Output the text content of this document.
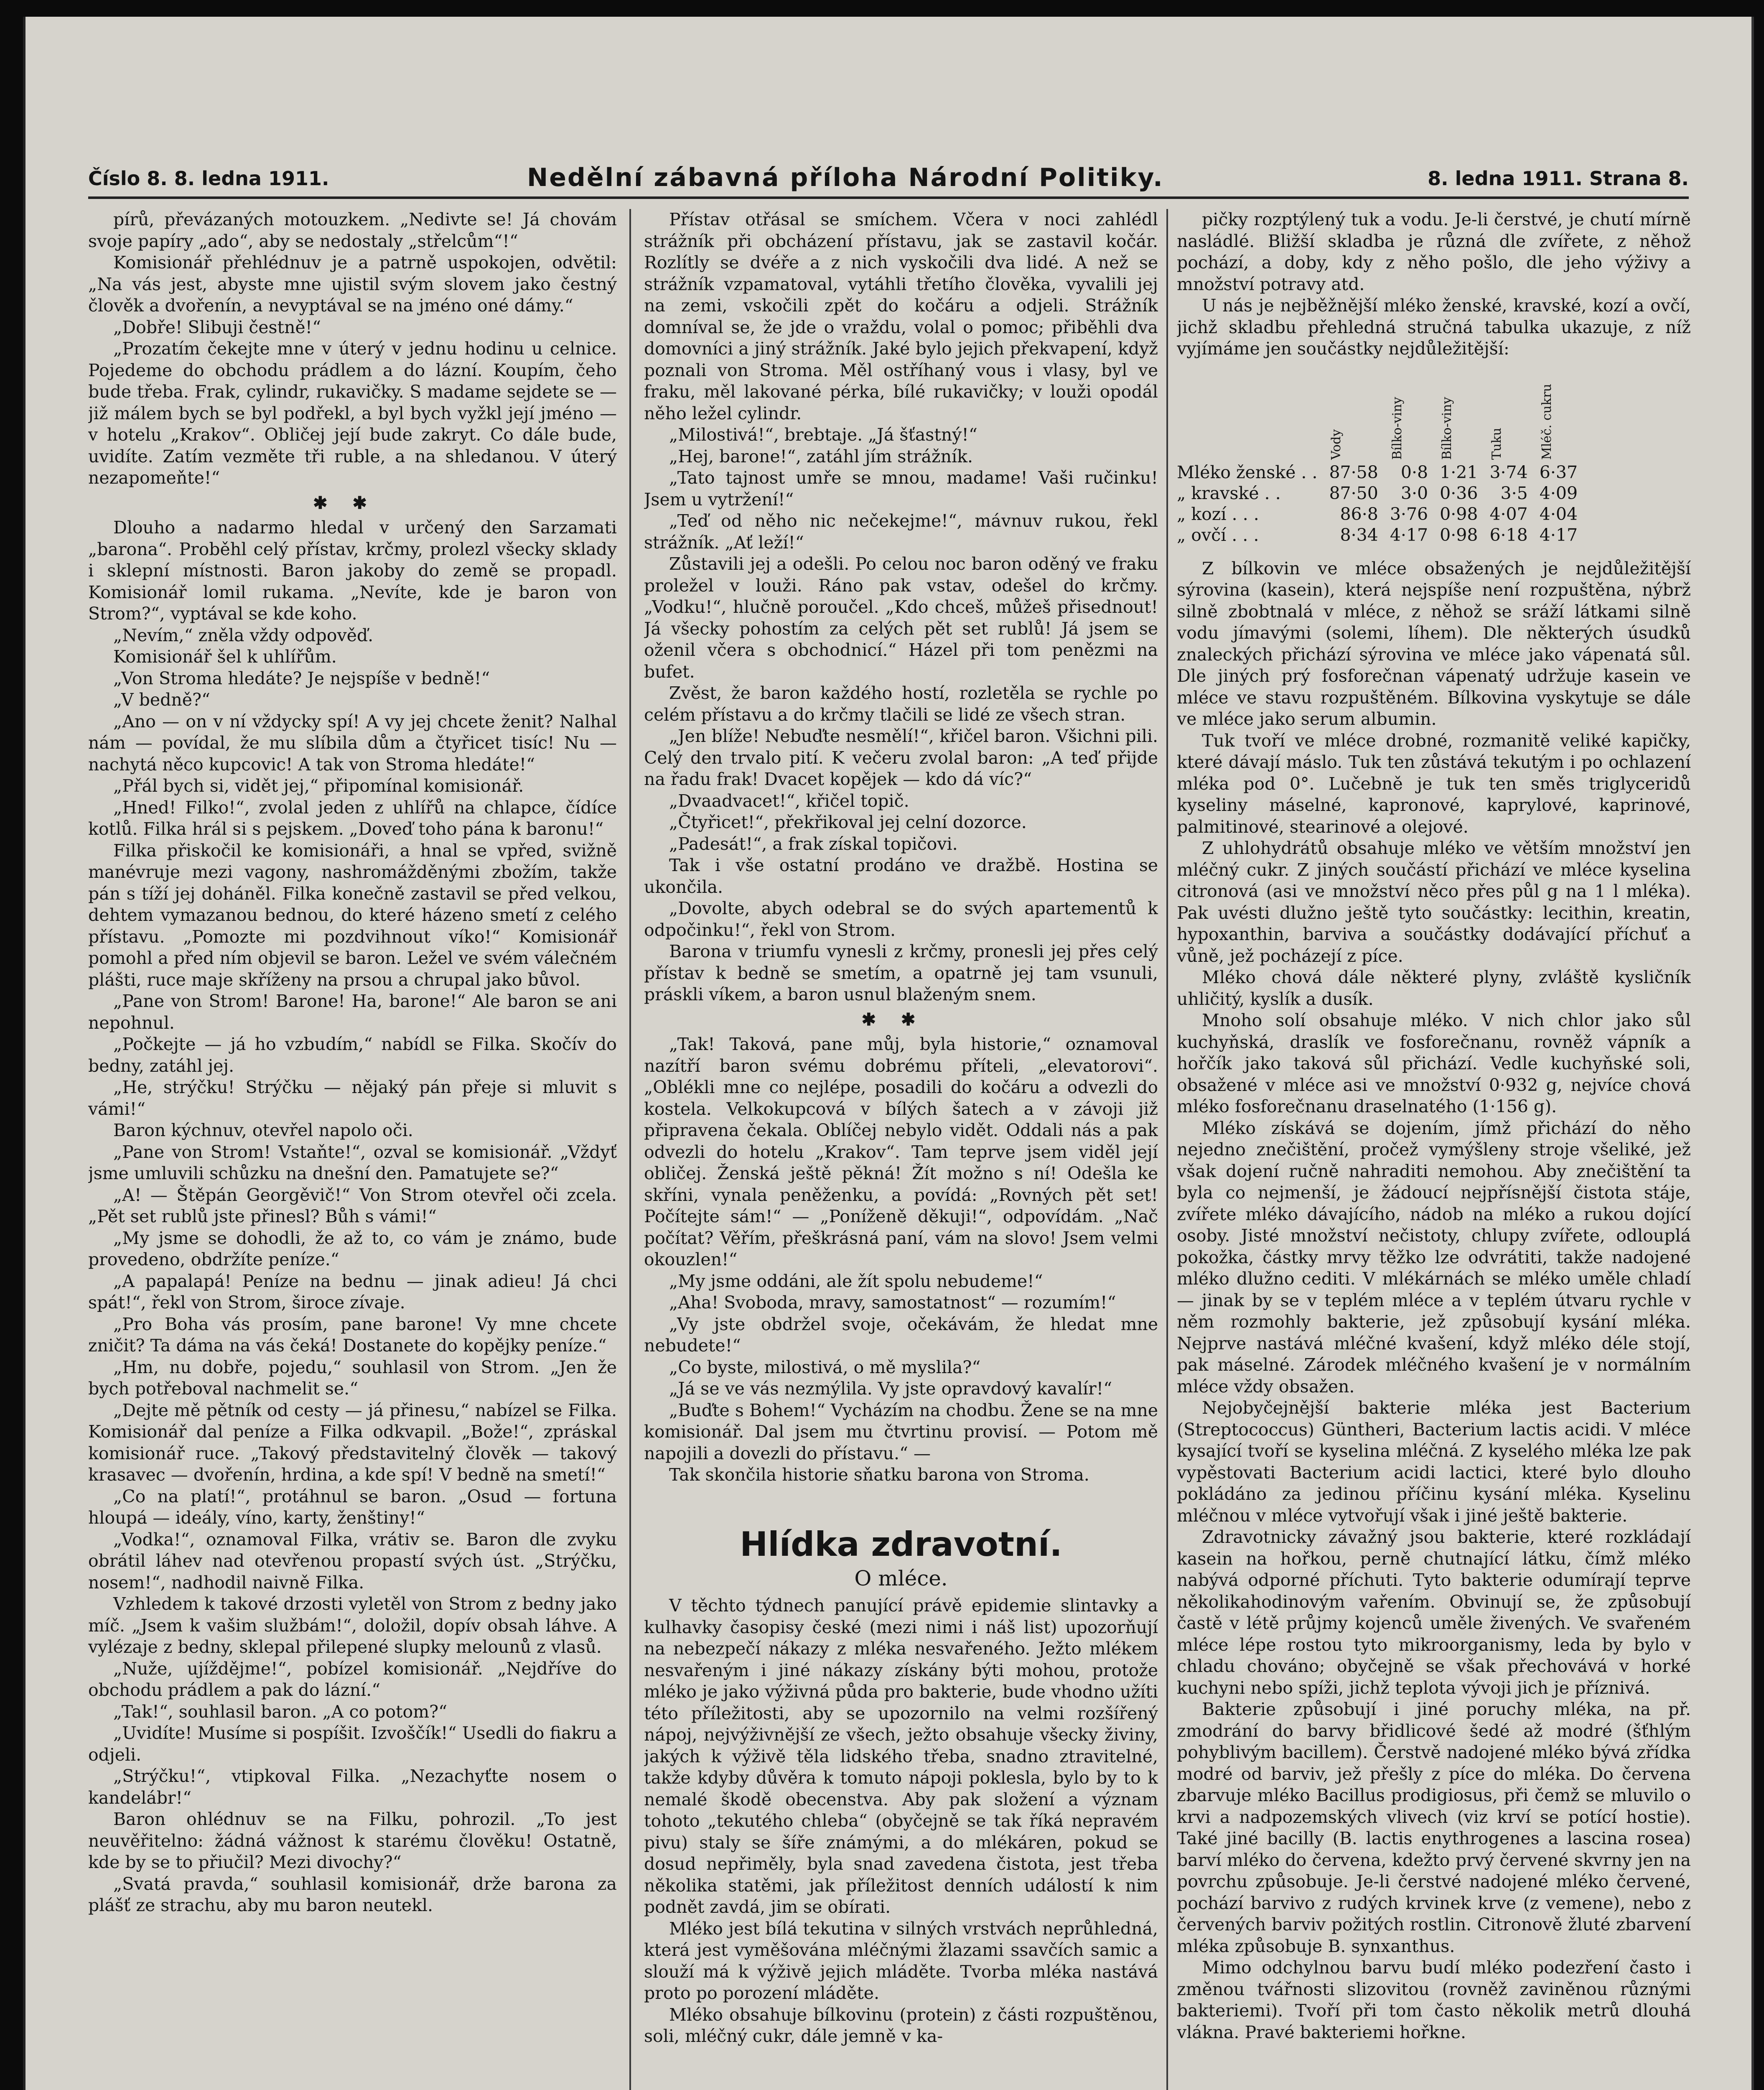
Číslo 8. 8. ledna 1911.	Nedělní zábavná příloha Národní Politiky.	8. ledna 1911. Strana 8.

pírů, převázaných motouzkem. „Nedivte se! Já chovám svoje papíry „ado“, aby se nedostaly „střelcům“!“

Komisionář přehlédnuv je a patrně uspokojen, odvětil: „Na vás jest, abyste mne ujistil svým slovem jako čestný člověk a dvořenín, a nevyptával se na jméno oné dámy.“

„Dobře! Slibuji čestně!“

„Prozatím čekejte mne v úterý v jednu hodinu u celnice. Pojedeme do obchodu prádlem a do lázní. Koupím, čeho bude třeba. Frak, cylindr, rukavičky. S madame sejdete se — již málem bych se byl podřekl, a byl bych vyžkl její jméno — v hotelu „Krakov“. Obličej její bude zakryt. Co dále bude, uvidíte. Zatím vezměte tři ruble, a na shledanou. V úterý nezapomeňte!“

✱✱

Dlouho a nadarmo hledal v určený den Sarzamati „barona“. Proběhl celý přístav, krčmy, prolezl všecky sklady i sklepní místnosti. Baron jakoby do země se propadl. Komisionář lomil rukama. „Nevíte, kde je baron von Strom?“, vyptával se kde koho.

„Nevím,“ zněla vždy odpověď.

Komisionář šel k uhlířům.

„Von Stroma hledáte? Je nejspíše v bedně!“

„V bedně?“

„Ano — on v ní vždycky spí! A vy jej chcete ženit? Nalhal nám — povídal, že mu slíbila dům a čtyřicet tisíc! Nu — nachytá něco kupcovic! A tak von Stroma hledáte!“

„Přál bych si, vidět jej,“ připomínal komisionář.

„Hned! Filko!“, zvolal jeden z uhlířů na chlapce, čídíce kotlů. Filka hrál si s pejskem. „Doveď toho pána k baronu!“

Filka přiskočil ke komisionáři, a hnal se vpřed, svižně manévruje mezi vagony, nashromážděnými zbožím, takže pán s tíží jej doháněl. Filka konečně zastavil se před velkou, dehtem vymazanou bednou, do které házeno smetí z celého přístavu. „Pomozte mi pozdvihnout víko!“ Komisionář pomohl a před ním objevil se baron. Ležel ve svém válečném plášti, ruce maje skříženy na prsou a chrupal jako bůvol.

„Pane von Strom! Barone! Ha, barone!“ Ale baron se ani nepohnul.

„Počkejte — já ho vzbudím,“ nabídl se Filka. Skočív do bedny, zatáhl jej.

„He, strýčku! Strýčku — nějaký pán přeje si mluvit s vámi!“

Baron kýchnuv, otevřel napolo oči.

„Pane von Strom! Vstaňte!“, ozval se komisionář. „Vždyť jsme umluvili schůzku na dnešní den. Pamatujete se?“

„A! — Štěpán Georgěvič!“ Von Strom otevřel oči zcela. „Pět set rublů jste přinesl? Bůh s vámi!“

„My jsme se dohodli, že až to, co vám je známo, bude provedeno, obdržíte peníze.“

„A papalapá! Peníze na bednu — jinak adieu! Já chci spát!“, řekl von Strom, široce zívaje.

„Pro Boha vás prosím, pane barone! Vy mne chcete zničit? Ta dáma na vás čeká! Dostanete do kopějky peníze.“

„Hm, nu dobře, pojedu,“ souhlasil von Strom. „Jen že bych potřeboval nachmelit se.“

„Dejte mě pětník od cesty — já přinesu,“ nabízel se Filka. Komisionář dal peníze a Filka odkvapil. „Bože!“, zpráskal komisionář ruce. „Takový představitelný člověk — takový krasavec — dvořenín, hrdina, a kde spí! V bedně na smetí!“

„Co na platí!“, protáhnul se baron. „Osud — fortuna hloupá — ideály, víno, karty, ženštiny!“

„Vodka!“, oznamoval Filka, vrátiv se. Baron dle zvyku obrátil láhev nad otevřenou propastí svých úst. „Strýčku, nosem!“, nadhodil naivně Filka.

Vzhledem k takové drzosti vyletěl von Strom z bedny jako míč. „Jsem k vašim službám!“, doložil, dopív obsah láhve. A vylézaje z bedny, sklepal přilepené slupky melounů z vlasů.

„Nuže, ujíždějme!“, pobízel komisionář. „Nejdříve do obchodu prádlem a pak do lázní.“

„Tak!“, souhlasil baron. „A co potom?“

„Uvidíte! Musíme si pospíšit. Izvoščík!“ Usedli do fiakru a odjeli.

„Strýčku!“, vtipkoval Filka. „Nezachyťte nosem o kandelábr!“

Baron ohlédnuv se na Filku, pohrozil. „To jest neuvěřitelno: žádná vážnost k starému člověku! Ostatně, kde by se to přiučil? Mezi divochy?“

„Svatá pravda,“ souhlasil komisionář, drže barona za plášť ze strachu, aby mu baron neutekl.

Přístav otřásal se smíchem. Včera v noci zahlédl strážník při obcházení přístavu, jak se zastavil kočár. Rozlítly se dvéře a z nich vyskočili dva lidé. A než se strážník vzpamatoval, vytáhli třetího člověka, vyvalili jej na zemi, vskočili zpět do kočáru a odjeli. Strážník domníval se, že jde o vraždu, volal o pomoc; přiběhli dva domovníci a jiný strážník. Jaké bylo jejich překvapení, když poznali von Stroma. Měl ostříhaný vous i vlasy, byl ve fraku, měl lakované pérka, bílé rukavičky; v louži opodál něho ležel cylindr.

„Milostivá!“, brebtaje. „Já šťastný!“

„Hej, barone!“, zatáhl jím strážník.

„Tato tajnost umře se mnou, madame! Vaši ručinku! Jsem u vytržení!“

„Teď od něho nic nečekejme!“, mávnuv rukou, řekl strážník. „Ať leží!“

Zůstavili jej a odešli. Po celou noc baron oděný ve fraku proležel v louži. Ráno pak vstav, odešel do krčmy. „Vodku!“, hlučně poroučel. „Kdo chceš, můžeš přisednout! Já všecky pohostím za celých pět set rublů! Já jsem se oženil včera s obchodnicí.“ Házel při tom penězmi na bufet.

Zvěst, že baron každého hostí, rozletěla se rychle po celém přístavu a do krčmy tlačili se lidé ze všech stran.

„Jen blíže! Nebuďte nesmělí!“, křičel baron. Všichni pili. Celý den trvalo pití. K večeru zvolal baron: „A teď přijde na řadu frak! Dvacet kopějek — kdo dá víc?“

„Dvaadvacet!“, křičel topič.

„Čtyřicet!“, překřikoval jej celní dozorce.

„Padesát!“, a frak získal topičovi.

Tak i vše ostatní prodáno ve dražbě. Hostina se ukončila.

„Dovolte, abych odebral se do svých apartementů k odpočinku!“, řekl von Strom.

Barona v triumfu vynesli z krčmy, pronesli jej přes celý přístav k bedně se smetím, a opatrně jej tam vsunuli, práskli víkem, a baron usnul blaženým snem.

✱✱

„Tak! Taková, pane můj, byla historie,“ oznamoval nazítří baron svému dobrému příteli, „elevatorovi“. „Oblékli mne co nejlépe, posadili do kočáru a odvezli do kostela. Velkokupcová v bílých šatech a v závoji již připravena čekala. Oblíčej nebylo vidět. Oddali nás a pak odvezli do hotelu „Krakov“. Tam teprve jsem viděl její obličej. Ženská ještě pěkná! Žít možno s ní! Odešla ke skříni, vynala peněženku, a povídá: „Rovných pět set! Počítejte sám!“ — „Poníženě děkuji!“, odpovídám. „Nač počítat? Věřím, přeškrásná paní, vám na slovo! Jsem velmi okouzlen!“

„My jsme oddáni, ale žít spolu nebudeme!“

„Aha! Svoboda, mravy, samostatnost“ — rozumím!“

„Vy jste obdržel svoje, očekávám, že hledat mne nebudete!“

„Co byste, milostivá, o mě myslila?“

„Já se ve vás nezmýlila. Vy jste opravdový kavalír!“

„Buďte s Bohem!“ Vycházím na chodbu. Žene se na mne komisionář. Dal jsem mu čtvrtinu provisí. — Potom mě napojili a dovezli do přístavu.“ —

Tak skončila historie sňatku barona von Stroma.

Hlídka zdravotní.
O mléce.

V těchto týdnech panující právě epidemie slintavky a kulhavky časopisy české (mezi nimi i náš list) upozorňují na nebezpečí nákazy z mléka nesvařeného. Ježto mlékem nesvařeným i jiné nákazy získány býti mohou, protože mléko je jako výživná půda pro bakterie, bude vhodno užíti této příležitosti, aby se upozornilo na velmi rozšířený nápoj, nejvýživnější ze všech, ježto obsahuje všecky živiny, jakých k výživě těla lidského třeba, snadno ztravitelné, takže kdyby důvěra k tomuto nápoji poklesla, bylo by to k nemalé škodě obecenstva. Aby pak složení a význam tohoto „tekutého chleba“ (obyčejně se tak říká nepravém pivu) staly se šíře známými, a do mlékáren, pokud se dosud nepřiměly, byla snad zavedena čistota, jest třeba několika statěmi, jak příležitost denních událostí k nim podnět zavdá, jim se obírati.

Mléko jest bílá tekutina v silných vrstvách neprůhledná, která jest vyměšována mléčnými žlazami ssavčích samic a slouží má k výživě jejich mláděte. Tvorba mléka nastává proto po porození mláděte.

Mléko obsahuje bílkovinu (protein) z části rozpuštěnou, soli, mléčný cukr, dále jemně v ka-

pičky rozptýlený tuk a vodu. Je-li čerstvé, je chutí mírně nasládlé. Bližší skladba je různá dle zvířete, z něhož pochází, a doby, kdy z něho pošlo, dle jeho výživy a množství potravy atd.

U nás je nejběžnější mléko ženské, kravské, kozí a ovčí, jichž skladbu přehledná stručná tabulka ukazuje, z níž vyjímáme jen součástky nejdůležitější:

	Vody	Bílko-viny	Bílko-viny	Tuku	Mléč. cukru
Mléko ženské . .	87·58	0·8	1·21	3·74	6·37
„ kravské . .	87·50	3·0	0·36	3·5	4·09
„ kozí . . .	86·8	3·76	0·98	4·07	4·04
„ ovčí . . .	8·34	4·17	0·98	6·18	4·17

Z bílkovin ve mléce obsažených je nejdůležitější sýrovina (kasein), která nejspíše není rozpuštěna, nýbrž silně zbobtnalá v mléce, z něhož se sráží látkami silně vodu jímavými (solemi, líhem). Dle některých úsudků znaleckých přichází sýrovina ve mléce jako vápenatá sůl. Dle jiných prý fosforečnan vápenatý udržuje kasein ve mléce ve stavu rozpuštěném. Bílkovina vyskytuje se dále ve mléce jako serum albumin.

Tuk tvoří ve mléce drobné, rozmanitě veliké kapičky, které dávají máslo. Tuk ten zůstává tekutým i po ochlazení mléka pod 0°. Lučebně je tuk ten směs triglyceridů kyseliny máselné, kapronové, kaprylové, kaprinové, palmitinové, stearinové a olejové.

Z uhlohydrátů obsahuje mléko ve větším množství jen mléčný cukr. Z jiných součástí přichází ve mléce kyselina citronová (asi ve množství něco přes půl g na 1 l mléka). Pak uvésti dlužno ještě tyto součástky: lecithin, kreatin, hypoxanthin, barviva a součástky dodávající příchuť a vůně, jež pocházejí z píce.

Mléko chová dále některé plyny, zvláště kysličník uhličitý, kyslík a dusík.

Mnoho solí obsahuje mléko. V nich chlor jako sůl kuchyňská, draslík ve fosforečnanu, rovněž vápník a hořčík jako taková sůl přichází. Vedle kuchyňské soli, obsažené v mléce asi ve množství 0·932 g, nejvíce chová mléko fosforečnanu draselnatého (1·156 g).

Mléko získává se dojením, jímž přichází do něho nejedno znečištění, pročež vymýšleny stroje všeliké, jež však dojení ručně nahraditi nemohou. Aby znečištění ta byla co nejmenší, je žádoucí nejpřísnější čistota stáje, zvířete mléko dávajícího, nádob na mléko a rukou dojící osoby. Jisté množství nečistoty, chlupy zvířete, odlouplá pokožka, částky mrvy těžko lze odvrátiti, takže nadojené mléko dlužno cediti. V mlékárnách se mléko uměle chladí — jinak by se v teplém mléce a v teplém útvaru rychle v něm rozmohly bakterie, jež způsobují kysání mléka. Nejprve nastává mléčné kvašení, když mléko déle stojí, pak máselné. Zárodek mléčného kvašení je v normálním mléce vždy obsažen.

Nejobyčejnější bakterie mléka jest Bacterium (Streptococcus) Güntheri, Bacterium lactis acidi. V mléce kysající tvoří se kyselina mléčná. Z kyselého mléka lze pak vypěstovati Bacterium acidi lactici, které bylo dlouho pokládáno za jedinou příčinu kysání mléka. Kyselinu mléčnou v mléce vytvořují však i jiné ještě bakterie.

Zdravotnicky závažný jsou bakterie, které rozkládají kasein na hořkou, perně chutnající látku, čímž mléko nabývá odporné příchuti. Tyto bakterie odumírají teprve několikahodinovým vařením. Obvinují se, že způsobují častě v létě průjmy kojenců uměle živených. Ve svařeném mléce lépe rostou tyto mikroorganismy, leda by bylo v chladu chováno; obyčejně se však přechovává v horké kuchyni nebo spíži, jichž teplota vývoji jich je příznivá.

Bakterie způsobují i jiné poruchy mléka, na př. zmodrání do barvy břidlicové šedé až modré (šťhlým pohyblivým bacillem). Čerstvě nadojené mléko bývá zřídka modré od barviv, jež přešly z píce do mléka. Do červena zbarvuje mléko Bacillus prodigiosus, při čemž se mluvilo o krvi a nadpozemských vlivech (viz krví se potící hostie). Také jiné bacilly (B. lactis enythrogenes a lascina rosea) barví mléko do červena, kdežto prvý červené skvrny jen na povrchu způsobuje. Je-li čerstvé nadojené mléko červené, pochází barvivo z rudých krvinek krve (z vemene), nebo z červených barviv požitých rostlin. Citronově žluté zbarvení mléka způsobuje B. synxanthus.

Mimo odchylnou barvu budí mléko podezření často i změnou tvářnosti slizovitou (rovněž zaviněnou různými bakteriemi). Tvoří při tom často několik metrů dlouhá vlákna. Pravé bakteriemi hořkne.
